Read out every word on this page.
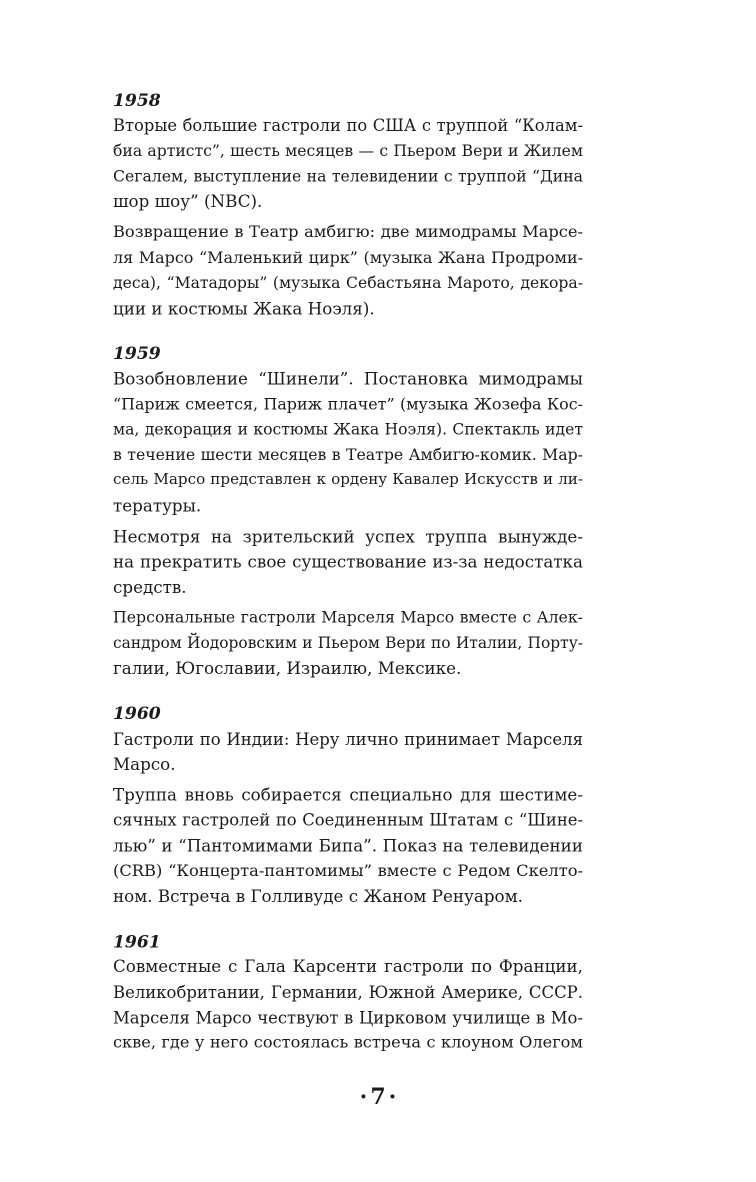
1958
Вторые большие гастроли по США с труппой “Колам-
биа артистс”, шесть месяцев — с Пьером Вери и Жилем
Сегалем, выступление на телевидении с труппой “Дина
шор шоу” (NBC).
Возвращение в Театр амбигю: две мимодрамы Марсе-
ля Марсо “Маленький цирк” (музыка Жана Продроми-
деса), “Матадоры” (музыка Себастьяна Марото, декора-
ции и костюмы Жака Ноэля).
1959
Возобновление “Шинели”. Постановка мимодрамы
“Париж смеется, Париж плачет” (музыка Жозефа Кос-
ма, декорация и костюмы Жака Ноэля). Спектакль идет
в течение шести месяцев в Театре Амбигю-комик. Мар-
сель Марсо представлен к ордену Кавалер Искусств и ли-
тературы.
Несмотря на зрительский успех труппа вынужде-
на прекратить свое существование из-за недостатка
средств.
Персональные гастроли Марселя Марсо вместе с Алек-
сандром Йодоровским и Пьером Вери по Италии, Порту-
галии, Югославии, Израилю, Мексике.
1960
Гастроли по Индии: Неру лично принимает Марселя
Марсо.
Труппа вновь собирается специально для шестиме-
сячных гастролей по Соединенным Штатам с “Шине-
лью” и “Пантомимами Бипа”. Показ на телевидении
(CRB) “Концерта-пантомимы” вместе с Редом Скелто-
ном. Встреча в Голливуде с Жаном Ренуаром.
1961
Совместные с Гала Карсенти гастроли по Франции,
Великобритании, Германии, Южной Америке, СССР.
Марселя Марсо чествуют в Цирковом училище в Мо-
скве, где у него состоялась встреча с клоуном Олегом
· 7 ·
